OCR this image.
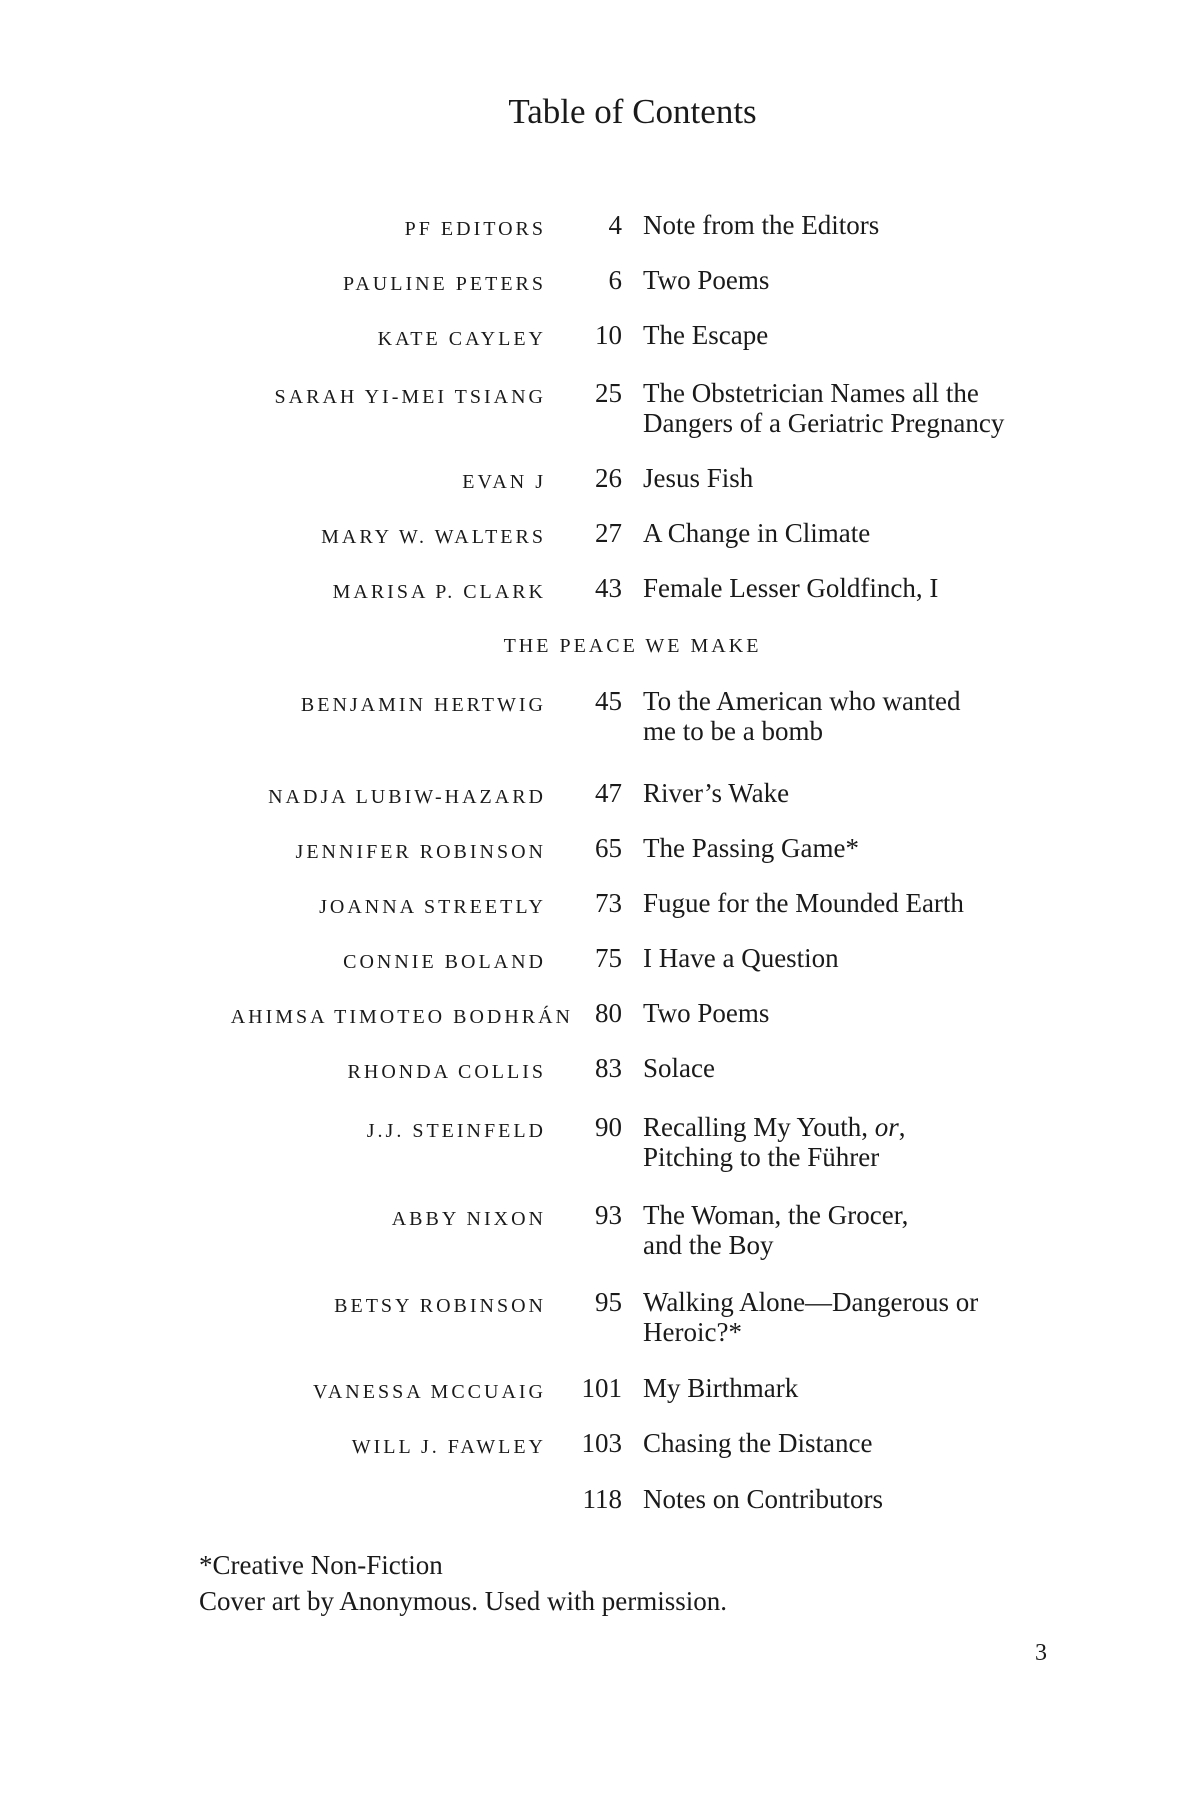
Table of Contents
PF EDITORS 4 Note from the Editors
PAULINE PETERS 6 Two Poems
KATE CAYLEY 10 The Escape
SARAH YI-MEI TSIANG 25 The Obstetrician Names all the
Dangers of a Geriatric Pregnancy
EVAN J 26 Jesus Fish
MARY W. WALTERS 27 A Change in Climate
MARISA P. CLARK 43 Female Lesser Goldfinch, I
THE PEACE WE MAKE
BENJAMIN HERTWIG 45 To the American who wanted
me to be a bomb
NADJA LUBIW-HAZARD 47 River’s Wake
JENNIFER ROBINSON 65 The Passing Game*
JOANNA STREETLY 73 Fugue for the Mounded Earth
CONNIE BOLAND 75 I Have a Question
AHIMSA TIMOTEO BODHRÁN 80 Two Poems
RHONDA COLLIS 83 Solace
J.J. STEINFELD 90 Recalling My Youth, or,
Pitching to the Führer
ABBY NIXON 93 The Woman, the Grocer,
and the Boy
BETSY ROBINSON 95 Walking Alone—Dangerous or
Heroic?*
VANESSA MCCUAIG 101 My Birthmark
WILL J. FAWLEY 103 Chasing the Distance
118 Notes on Contributors
*Creative Non-Fiction
Cover art by Anonymous. Used with permission.
3
